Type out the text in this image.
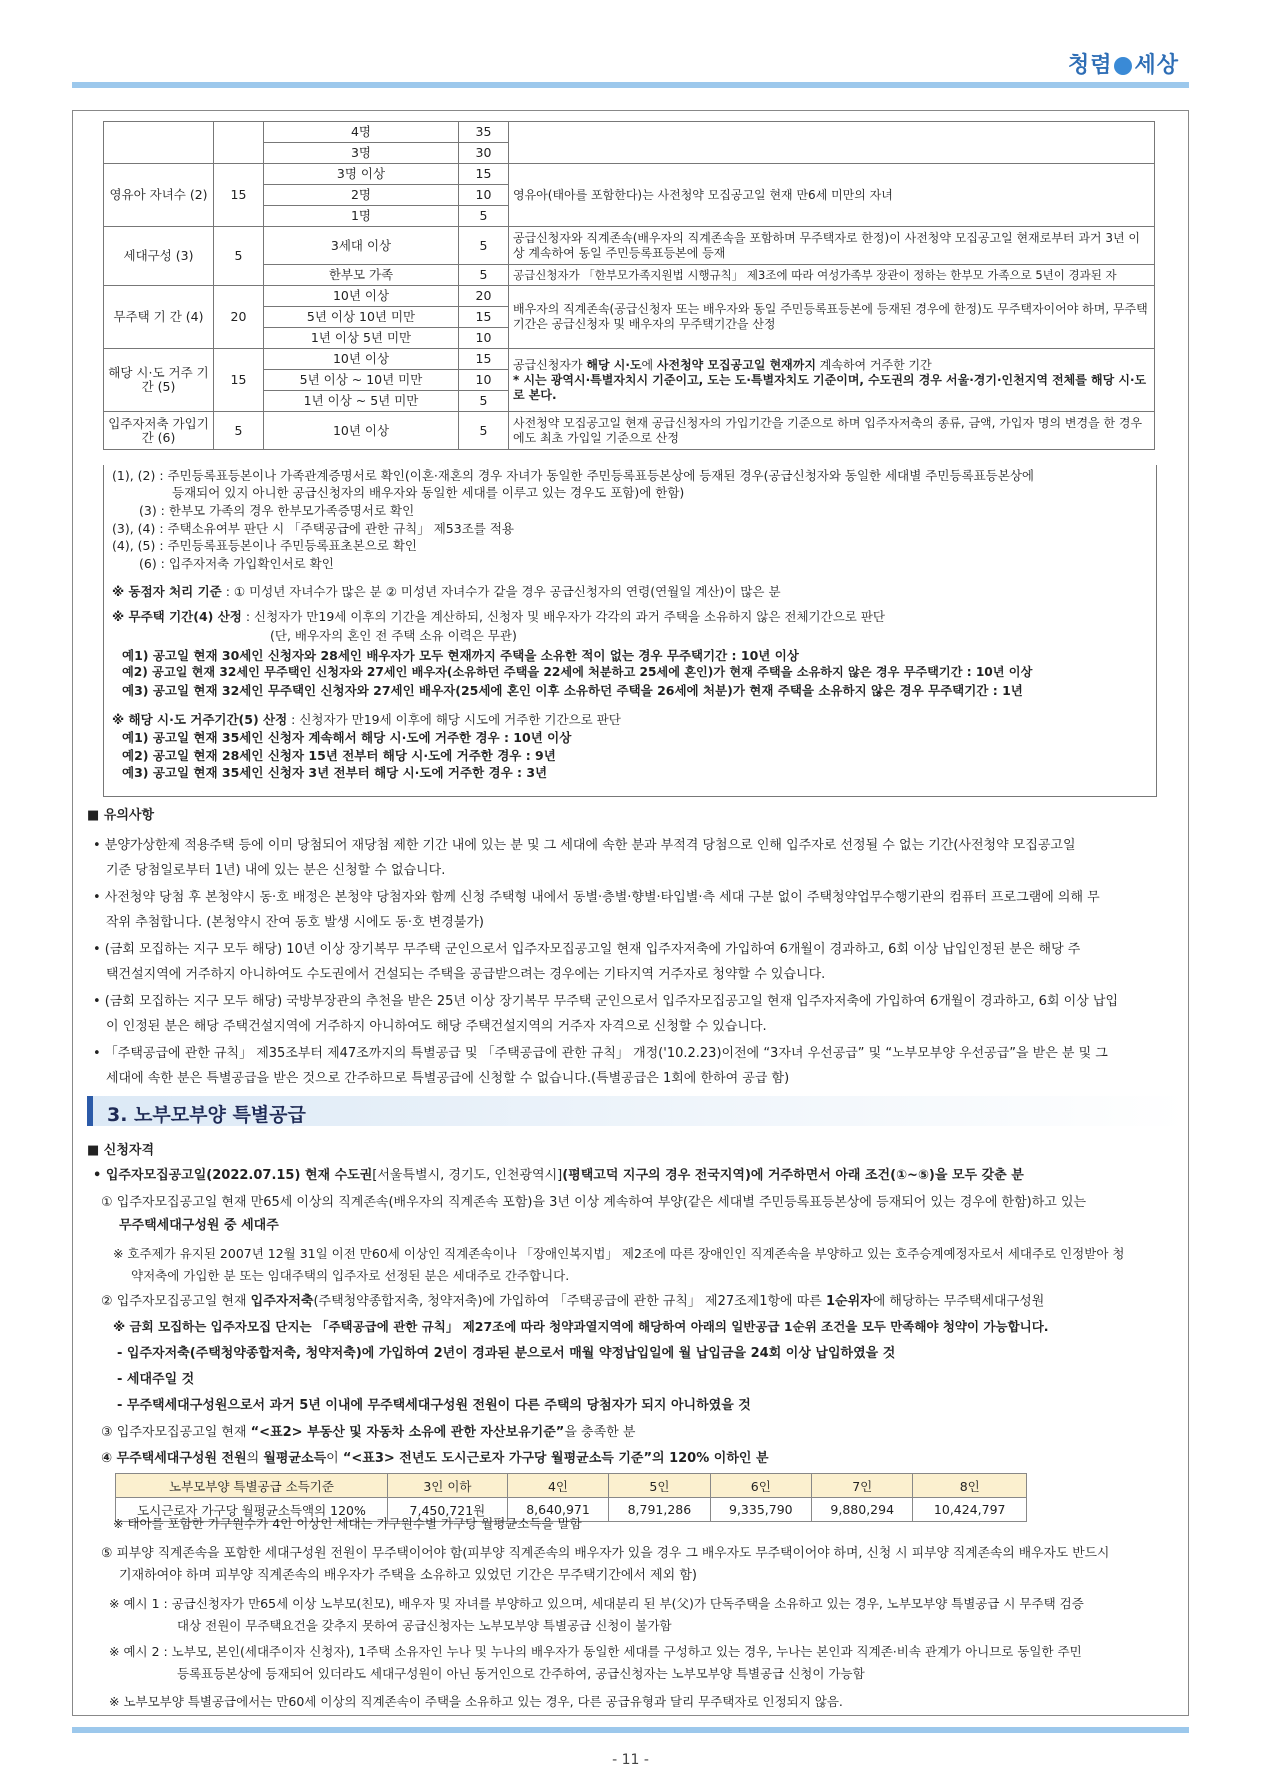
청렴 세상
		4명	35	
		3명	30	
영유아 자녀수 (2)	15	3명 이상	15	영유아(태아를 포함한다)는 사전청약 모집공고일 현재 만6세 미만의 자녀
		2명	10	
		1명	5	
세대구성 (3)	5	3세대 이상	5	공급신청자와 직계존속(배우자의 직계존속을 포함하며 무주택자로 한정)이 사전청약 모집공고일 현재로부터 과거 3년 이상 계속하여 동일 주민등록표등본에 등재
		한부모 가족	5	공급신청자가 「한부모가족지원법 시행규칙」 제3조에 따라 여성가족부 장관이 정하는 한부모 가족으로 5년이 경과된 자
무주택 기 간 (4)	20	10년 이상	20	배우자의 직계존속(공급신청자 또는 배우자와 동일 주민등록표등본에 등재된 경우에 한정)도 무주택자이어야 하며, 무주택기간은 공급신청자 및 배우자의 무주택기간을 산정
		5년 이상 10년 미만	15	
		1년 이상 5년 미만	10	
해당 시·도 거주 기간 (5)	15	10년 이상	15	공급신청자가 해당 시·도에 사전청약 모집공고일 현재까지 계속하여 거주한 기간
* 시는 광역시·특별자치시 기준이고, 도는 도·특별자치도 기준이며, 수도권의 경우 서울·경기·인천지역 전체를 해당 시·도로 본다.
		5년 이상 ~ 10년 미만	10	
		1년 이상 ~ 5년 미만	5	
입주자저축 가입기간 (6)	5	10년 이상	5	사전청약 모집공고일 현재 공급신청자의 가입기간을 기준으로 하며 입주자저축의 종류, 금액, 가입자 명의 변경을 한 경우에도 최초 가입일 기준으로 산정
(1), (2) : 주민등록표등본이나 가족관계증명서로 확인(이혼·재혼의 경우 자녀가 동일한 주민등록표등본상에 등재된 경우(공급신청자와 동일한 세대별 주민등록표등본상에
등재되어 있지 아니한 공급신청자의 배우자와 동일한 세대를 이루고 있는 경우도 포함)에 한함)
(3) : 한부모 가족의 경우 한부모가족증명서로 확인
(3), (4) : 주택소유여부 판단 시 「주택공급에 관한 규칙」 제53조를 적용
(4), (5) : 주민등록표등본이나 주민등록표초본으로 확인
(6) : 입주자저축 가입확인서로 확인
※ 동점자 처리 기준 : ① 미성년 자녀수가 많은 분 ② 미성년 자녀수가 같을 경우 공급신청자의 연령(연월일 계산)이 많은 분
※ 무주택 기간(4) 산정 : 신청자가 만19세 이후의 기간을 계산하되, 신청자 및 배우자가 각각의 과거 주택을 소유하지 않은 전체기간으로 판단
(단, 배우자의 혼인 전 주택 소유 이력은 무관)
예1) 공고일 현재 30세인 신청자와 28세인 배우자가 모두 현재까지 주택을 소유한 적이 없는 경우 무주택기간 : 10년 이상
예2) 공고일 현재 32세인 무주택인 신청자와 27세인 배우자(소유하던 주택을 22세에 처분하고 25세에 혼인)가 현재 주택을 소유하지 않은 경우 무주택기간 : 10년 이상
예3) 공고일 현재 32세인 무주택인 신청자와 27세인 배우자(25세에 혼인 이후 소유하던 주택을 26세에 처분)가 현재 주택을 소유하지 않은 경우 무주택기간 : 1년
※ 해당 시·도 거주기간(5) 산정 : 신청자가 만19세 이후에 해당 시도에 거주한 기간으로 판단
예1) 공고일 현재 35세인 신청자 계속해서 해당 시·도에 거주한 경우 : 10년 이상
예2) 공고일 현재 28세인 신청자 15년 전부터 해당 시·도에 거주한 경우 : 9년
예3) 공고일 현재 35세인 신청자 3년 전부터 해당 시·도에 거주한 경우 : 3년
■ 유의사항
• 분양가상한제 적용주택 등에 이미 당첨되어 재당첨 제한 기간 내에 있는 분 및 그 세대에 속한 분과 부적격 당첨으로 인해 입주자로 선정될 수 없는 기간(사전청약 모집공고일
기준 당첨일로부터 1년) 내에 있는 분은 신청할 수 없습니다.
• 사전청약 당첨 후 본청약시 동·호 배정은 본청약 당첨자와 함께 신청 주택형 내에서 동별·층별·향별·타입별·측 세대 구분 없이 주택청약업무수행기관의 컴퓨터 프로그램에 의해 무
작위 추첨합니다. (본청약시 잔여 동호 발생 시에도 동·호 변경불가)
• (금회 모집하는 지구 모두 해당) 10년 이상 장기복무 무주택 군인으로서 입주자모집공고일 현재 입주자저축에 가입하여 6개월이 경과하고, 6회 이상 납입인정된 분은 해당 주
택건설지역에 거주하지 아니하여도 수도권에서 건설되는 주택을 공급받으려는 경우에는 기타지역 거주자로 청약할 수 있습니다.
• (금회 모집하는 지구 모두 해당) 국방부장관의 추천을 받은 25년 이상 장기복무 무주택 군인으로서 입주자모집공고일 현재 입주자저축에 가입하여 6개월이 경과하고, 6회 이상 납입
이 인정된 분은 해당 주택건설지역에 거주하지 아니하여도 해당 주택건설지역의 거주자 자격으로 신청할 수 있습니다.
• 「주택공급에 관한 규칙」 제35조부터 제47조까지의 특별공급 및 「주택공급에 관한 규칙」 개정('10.2.23)이전에 “3자녀 우선공급” 및 “노부모부양 우선공급”을 받은 분 및 그
세대에 속한 분은 특별공급을 받은 것으로 간주하므로 특별공급에 신청할 수 없습니다.(특별공급은 1회에 한하여 공급 함)
3. 노부모부양 특별공급
■ 신청자격
• 입주자모집공고일(2022.07.15) 현재 수도권[서울특별시, 경기도, 인천광역시](평택고덕 지구의 경우 전국지역)에 거주하면서 아래 조건(①~⑤)을 모두 갖춘 분
① 입주자모집공고일 현재 만65세 이상의 직계존속(배우자의 직계존속 포함)을 3년 이상 계속하여 부양(같은 세대별 주민등록표등본상에 등재되어 있는 경우에 한함)하고 있는
무주택세대구성원 중 세대주
※ 호주제가 유지된 2007년 12월 31일 이전 만60세 이상인 직계존속이나 「장애인복지법」 제2조에 따른 장애인인 직계존속을 부양하고 있는 호주승계예정자로서 세대주로 인정받아 청
약저축에 가입한 분 또는 임대주택의 입주자로 선정된 분은 세대주로 간주합니다.
② 입주자모집공고일 현재 입주자저축(주택청약종합저축, 청약저축)에 가입하여 「주택공급에 관한 규칙」 제27조제1항에 따른 1순위자에 해당하는 무주택세대구성원
※ 금회 모집하는 입주자모집 단지는 「주택공급에 관한 규칙」 제27조에 따라 청약과열지역에 해당하여 아래의 일반공급 1순위 조건을 모두 만족해야 청약이 가능합니다.
- 입주자저축(주택청약종합저축, 청약저축)에 가입하여 2년이 경과된 분으로서 매월 약정납입일에 월 납입금을 24회 이상 납입하였을 것
- 세대주일 것
- 무주택세대구성원으로서 과거 5년 이내에 무주택세대구성원 전원이 다른 주택의 당첨자가 되지 아니하였을 것
③ 입주자모집공고일 현재 “<표2> 부동산 및 자동차 소유에 관한 자산보유기준”을 충족한 분
④ 무주택세대구성원 전원의 월평균소득이 “<표3> 전년도 도시근로자 가구당 월평균소득 기준”의 120% 이하인 분
노부모부양 특별공급 소득기준	3인 이하	4인	5인	6인	7인	8인
도시근로자 가구당 월평균소득액의 120%	7,450,721원	8,640,971	8,791,286	9,335,790	9,880,294	10,424,797
※ 태아를 포함한 가구원수가 4인 이상인 세대는 가구원수별 가구당 월평균소득을 말함
⑤ 피부양 직계존속을 포함한 세대구성원 전원이 무주택이어야 함(피부양 직계존속의 배우자가 있을 경우 그 배우자도 무주택이어야 하며, 신청 시 피부양 직계존속의 배우자도 반드시
기재하여야 하며 피부양 직계존속의 배우자가 주택을 소유하고 있었던 기간은 무주택기간에서 제외 함)
※ 예시 1 : 공급신청자가 만65세 이상 노부모(친모), 배우자 및 자녀를 부양하고 있으며, 세대분리 된 부(父)가 단독주택을 소유하고 있는 경우, 노부모부양 특별공급 시 무주택 검증
대상 전원이 무주택요건을 갖추지 못하여 공급신청자는 노부모부양 특별공급 신청이 불가함
※ 예시 2 : 노부모, 본인(세대주이자 신청자), 1주택 소유자인 누나 및 누나의 배우자가 동일한 세대를 구성하고 있는 경우, 누나는 본인과 직계존·비속 관계가 아니므로 동일한 주민
등록표등본상에 등재되어 있더라도 세대구성원이 아닌 동거인으로 간주하여, 공급신청자는 노부모부양 특별공급 신청이 가능함
※ 노부모부양 특별공급에서는 만60세 이상의 직계존속이 주택을 소유하고 있는 경우, 다른 공급유형과 달리 무주택자로 인정되지 않음.
- 11 -
